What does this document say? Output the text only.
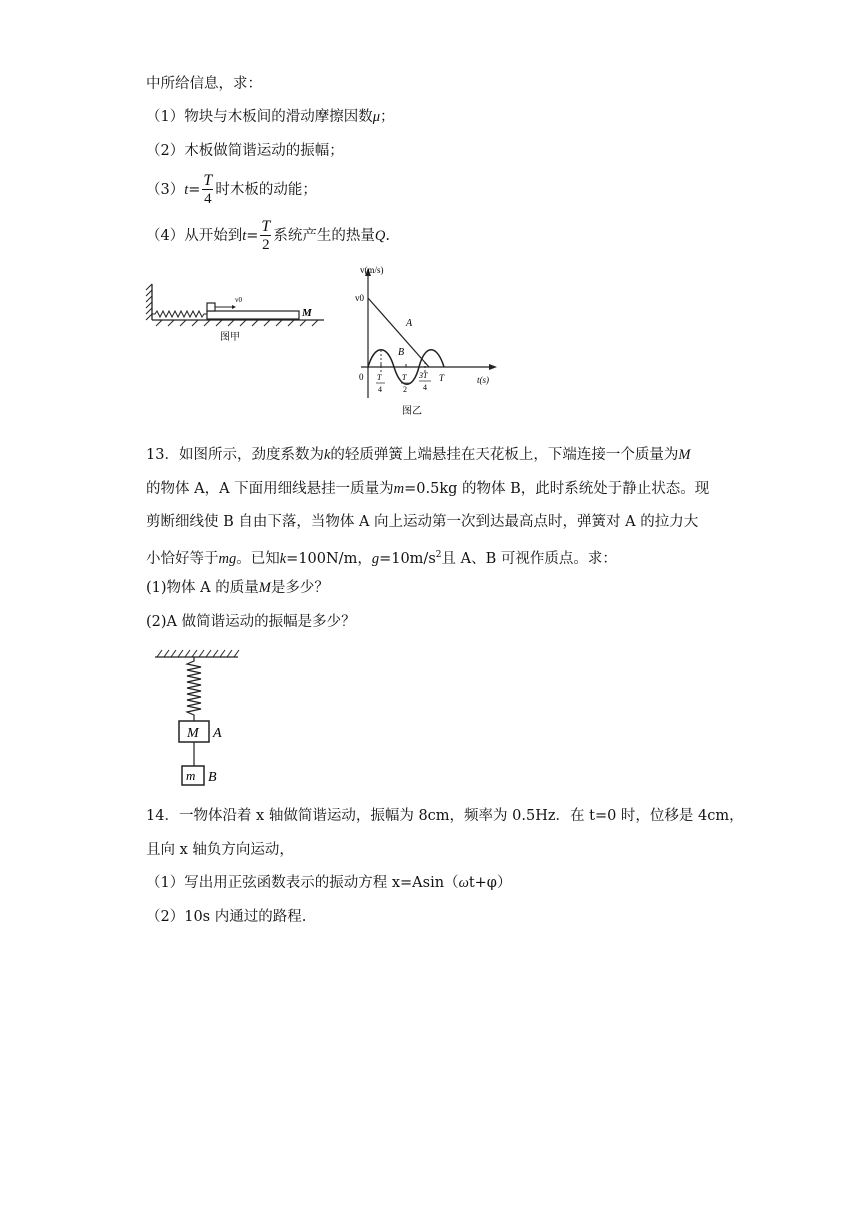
中所给信息，求：
（1）物块与木板间的滑动摩擦因数μ；
（2）木板做简谐运动的振幅；
$(3)t= \frac{T}{4}$ 时木板的动能；
（4）从开始到$t= \frac{T}{2}$ 系统产生的热量Q.
v0
M
图甲
v(m/s)
v0
0	t(s)
A
B
T
4
T
2
3T
4
T
图乙
13．如图所示，劲度系数为k的轻质弹簧上端悬挂在天花板上，下端连接一个质量为M
的物体 A，A 下面用细线悬挂一质量为m=0.5kg 的物体 B，此时系统处于静止状态。现
剪断细线使 B 自由下落，当物体 A 向上运动第一次到达最高点时，弹簧对 A 的拉力大
小恰好等于mg。已知k=100N/m，$g=10m/s^2$且 A、B 可视作质点。求：
(1)物体 A 的质量M是多少？
(2)A 做简谐运动的振幅是多少？
M A
m B
14．一物体沿着 x 轴做简谐运动，振幅为 8cm，频率为 0.5Hz．在 t=0 时，位移是 4cm，
且向 x 轴负方向运动，
（1）写出用正弦函数表示的振动方程 x=Asin（ωt+φ）
（2）10s 内通过的路程.
